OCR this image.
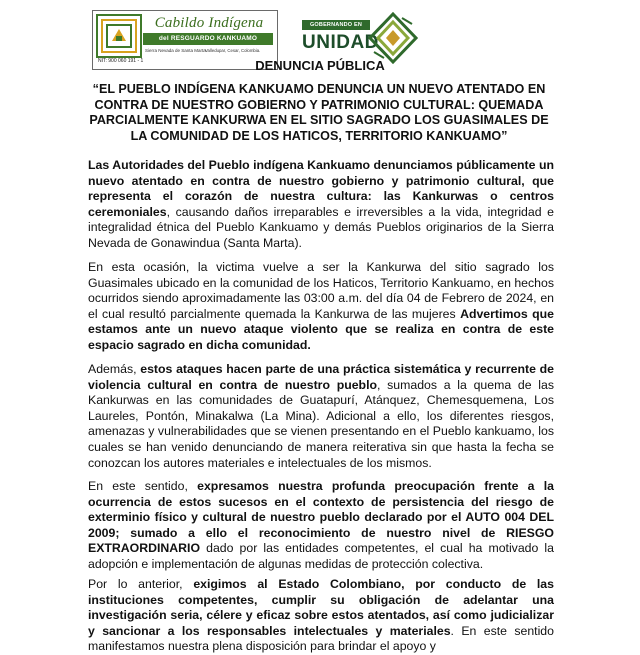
Cabildo Indígena
del RESGUARDO KANKUAMO
Sierra Nevada de Santa Marta Valledupar, Cesar, Colombia.
NIT: 900 060 191 - 1
GOBERNANDO EN
UNIDAD
DENUNCIA PÚBLICA
“EL PUEBLO INDÍGENA KANKUAMO DENUNCIA UN NUEVO ATENTADO EN CONTRA DE NUESTRO GOBIERNO Y PATRIMONIO CULTURAL: QUEMADA PARCIALMENTE KANKURWA EN EL SITIO SAGRADO LOS GUASIMALES DE LA COMUNIDAD DE LOS HATICOS, TERRITORIO KANKUAMO”

Las Autoridades del Pueblo indígena Kankuamo denunciamos públicamente un nuevo atentado en contra de nuestro gobierno y patrimonio cultural, que representa el corazón de nuestra cultura: las Kankurwas o centros ceremoniales, causando daños irreparables e irreversibles a la vida, integridad e integralidad étnica del Pueblo Kankuamo y demás Pueblos originarios de la Sierra Nevada de Gonawindua (Santa Marta).

En esta ocasión, la victima vuelve a ser la Kankurwa del sitio sagrado los Guasimales ubicado en la comunidad de los Haticos, Territorio Kankuamo, en hechos ocurridos siendo aproximadamente las 03:00 a.m. del día 04 de Febrero de 2024, en el cual resultó parcialmente quemada la Kankurwa de las mujeres Advertimos que estamos ante un nuevo ataque violento que se realiza en contra de este espacio sagrado en dicha comunidad.

Además, estos ataques hacen parte de una práctica sistemática y recurrente de violencia cultural en contra de nuestro pueblo, sumados a la quema de las Kankurwas en las comunidades de Guatapurí, Atánquez, Chemesquemena, Los Laureles, Pontón, Minakalwa (La Mina). Adicional a ello, los diferentes riesgos, amenazas y vulnerabilidades que se vienen presentando en el Pueblo kankuamo, los cuales se han venido denunciando de manera reiterativa sin que hasta la fecha se conozcan los autores materiales e intelectuales de los mismos.

En este sentido, expresamos nuestra profunda preocupación frente a la ocurrencia de estos sucesos en el contexto de persistencia del riesgo de exterminio físico y cultural de nuestro pueblo declarado por el AUTO 004 DEL 2009; sumado a ello el reconocimiento de nuestro nivel de RIESGO EXTRAORDINARIO dado por las entidades competentes, el cual ha motivado la adopción e implementación de algunas medidas de protección colectiva.

Por lo anterior, exigimos al Estado Colombiano, por conducto de las instituciones competentes, cumplir su obligación de adelantar una investigación seria, célere y eficaz sobre estos atentados, así como judicializar y sancionar a los responsables intelectuales y materiales. En este sentido manifestamos nuestra plena disposición para brindar el apoyo y
